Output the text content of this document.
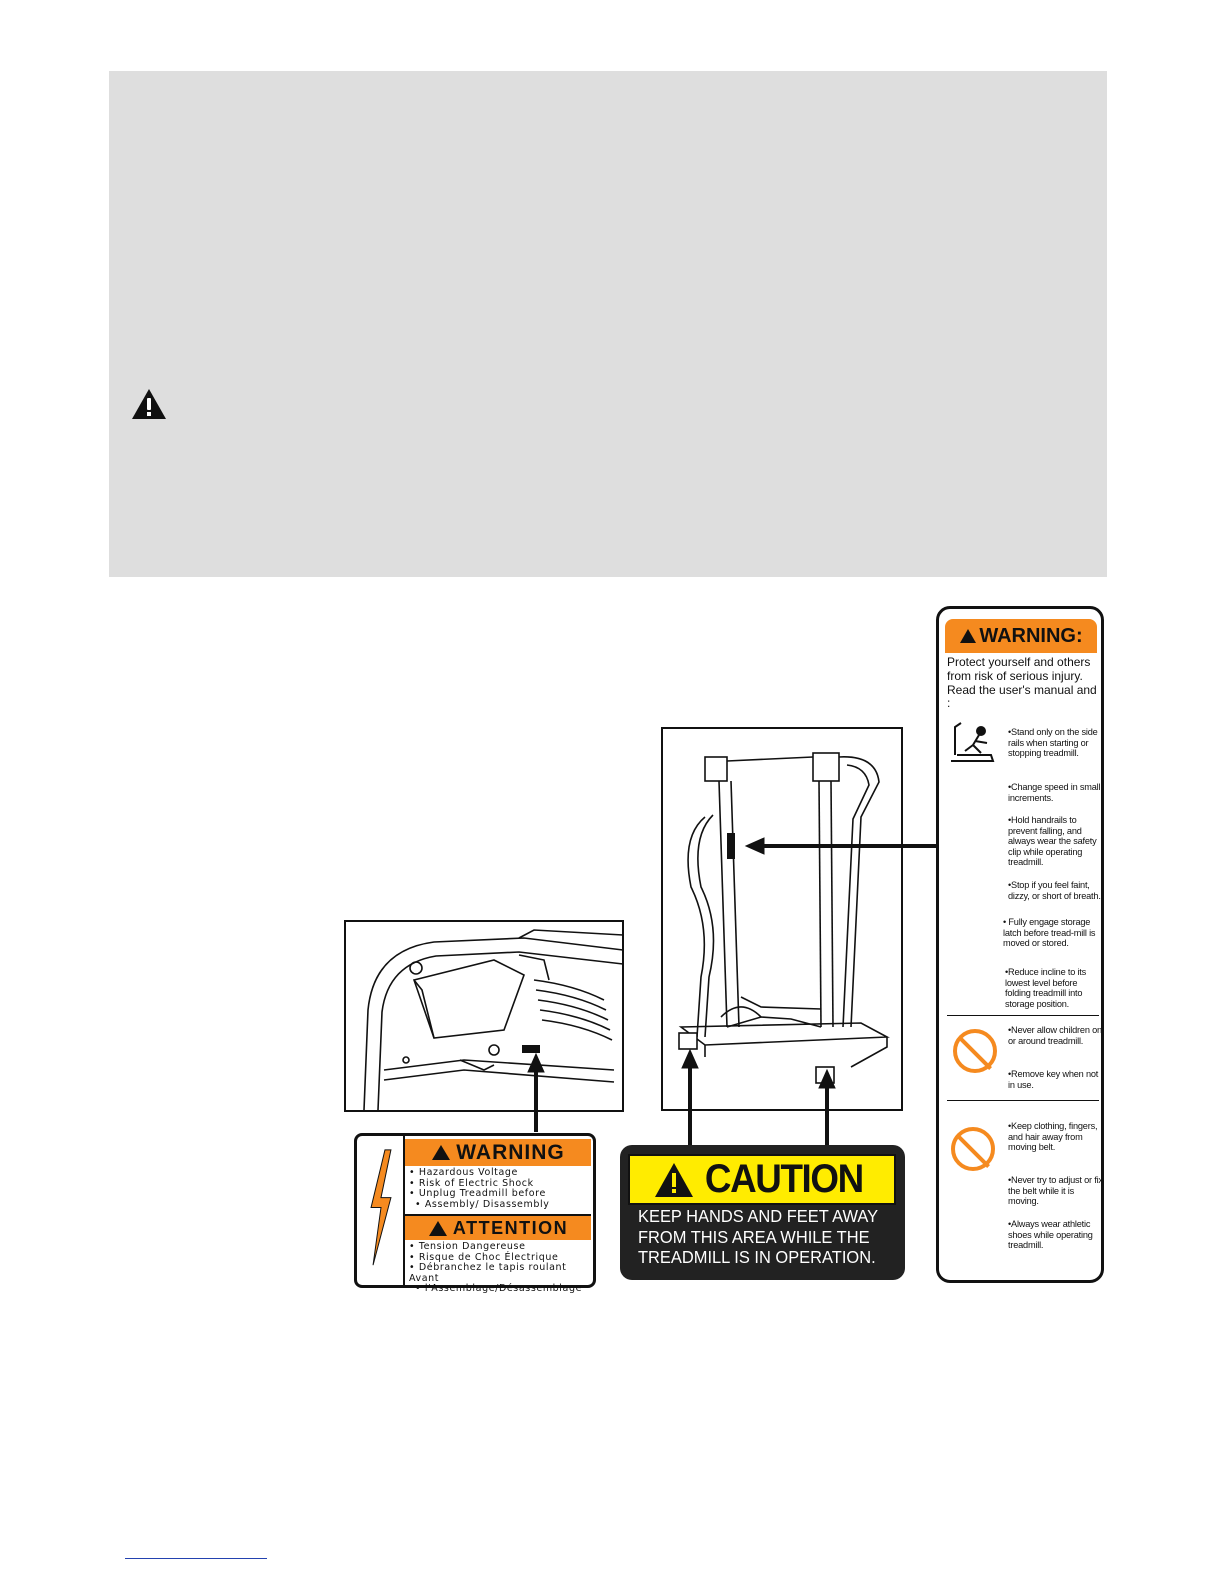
WARNING
• Hazardous Voltage
• Risk of Electric Shock
• Unplug Treadmill before
• Assembly/ Disassembly
ATTENTION
• Tension Dangereuse
• Risque de Choc Électrique
• Débranchez le tapis roulant Avant
• l'Assemblage/Désassemblage
CAUTION
KEEP HANDS AND FEET AWAY
FROM THIS AREA WHILE THE
TREADMILL IS IN OPERATION.
WARNING:
Protect yourself and others from risk of serious injury. Read the user's manual and :
•Stand only on the side rails when starting or stopping treadmill.
•Change speed in small increments.
•Hold handrails to prevent falling, and always wear the safety clip while operating treadmill.
•Stop if you feel faint, dizzy, or short of breath.
• Fully engage storage latch before tread-mill is moved or stored.
•Reduce incline to its lowest level before folding treadmill into storage position.
•Never allow children on or around treadmill.
•Remove key when not in use.
•Keep clothing, fingers, and hair away from moving belt.
•Never try to adjust or fix the belt while it is moving.
•Always wear athletic shoes while operating treadmill.
